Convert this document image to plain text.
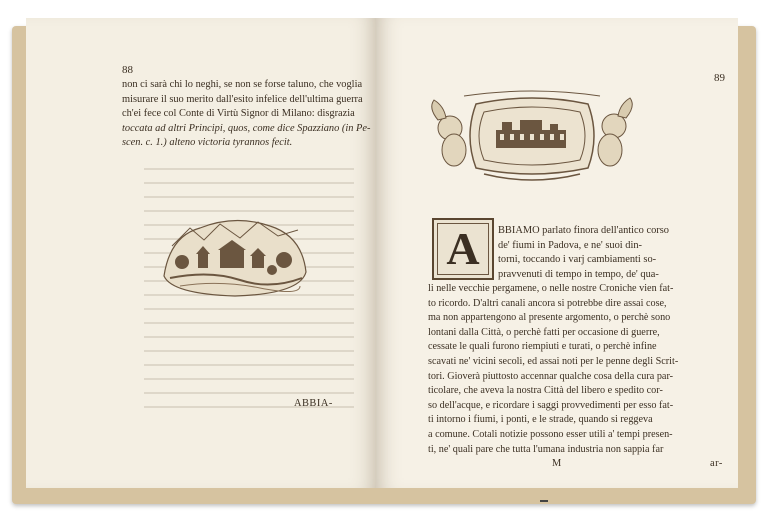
88

non ci sarà chi lo neghi, se non se forse taluno, che voglia

misurare il suo merito dall'esito infelice dell'ultima guerra

ch'ei fece col Conte di Virtù Signor di Milano: disgrazia

toccata ad altri Principi, quos, come dice Spazziano (in Pe-

scen. c. 1.) alteno victoria tyrannos fecit.

ABBIA-
89
A BBIAMO parlato finora dell'antico corso

de' fiumi in Padova, e ne' suoi din-

torni, toccando i varj cambiamenti so-

pravvenuti di tempo in tempo, de' qua-

li nelle vecchie pergamene, o nelle nostre Croniche vien fat-

to ricordo. D'altri canali ancora si potrebbe dire assai cose,

ma non appartengono al presente argomento, o perchè sono

lontani dalla Città, o perchè fatti per occasione di guerre,

cessate le quali furono riempiuti e turati, o perchè infine

scavati ne' vicini secoli, ed assai noti per le penne degli Scrit-

tori. Gioverà piuttosto accennar qualche cosa della cura par-

ticolare, che aveva la nostra Città del libero e spedito cor-

so dell'acque, e ricordare i saggi provvedimenti per esso fat-

ti intorno i fiumi, i ponti, e le strade, quando si reggeva

a comune. Cotali notizie possono esser utili a' tempi presen-

ti, ne' quali pare che tutta l'umana industria non sappia far

M	ar-
